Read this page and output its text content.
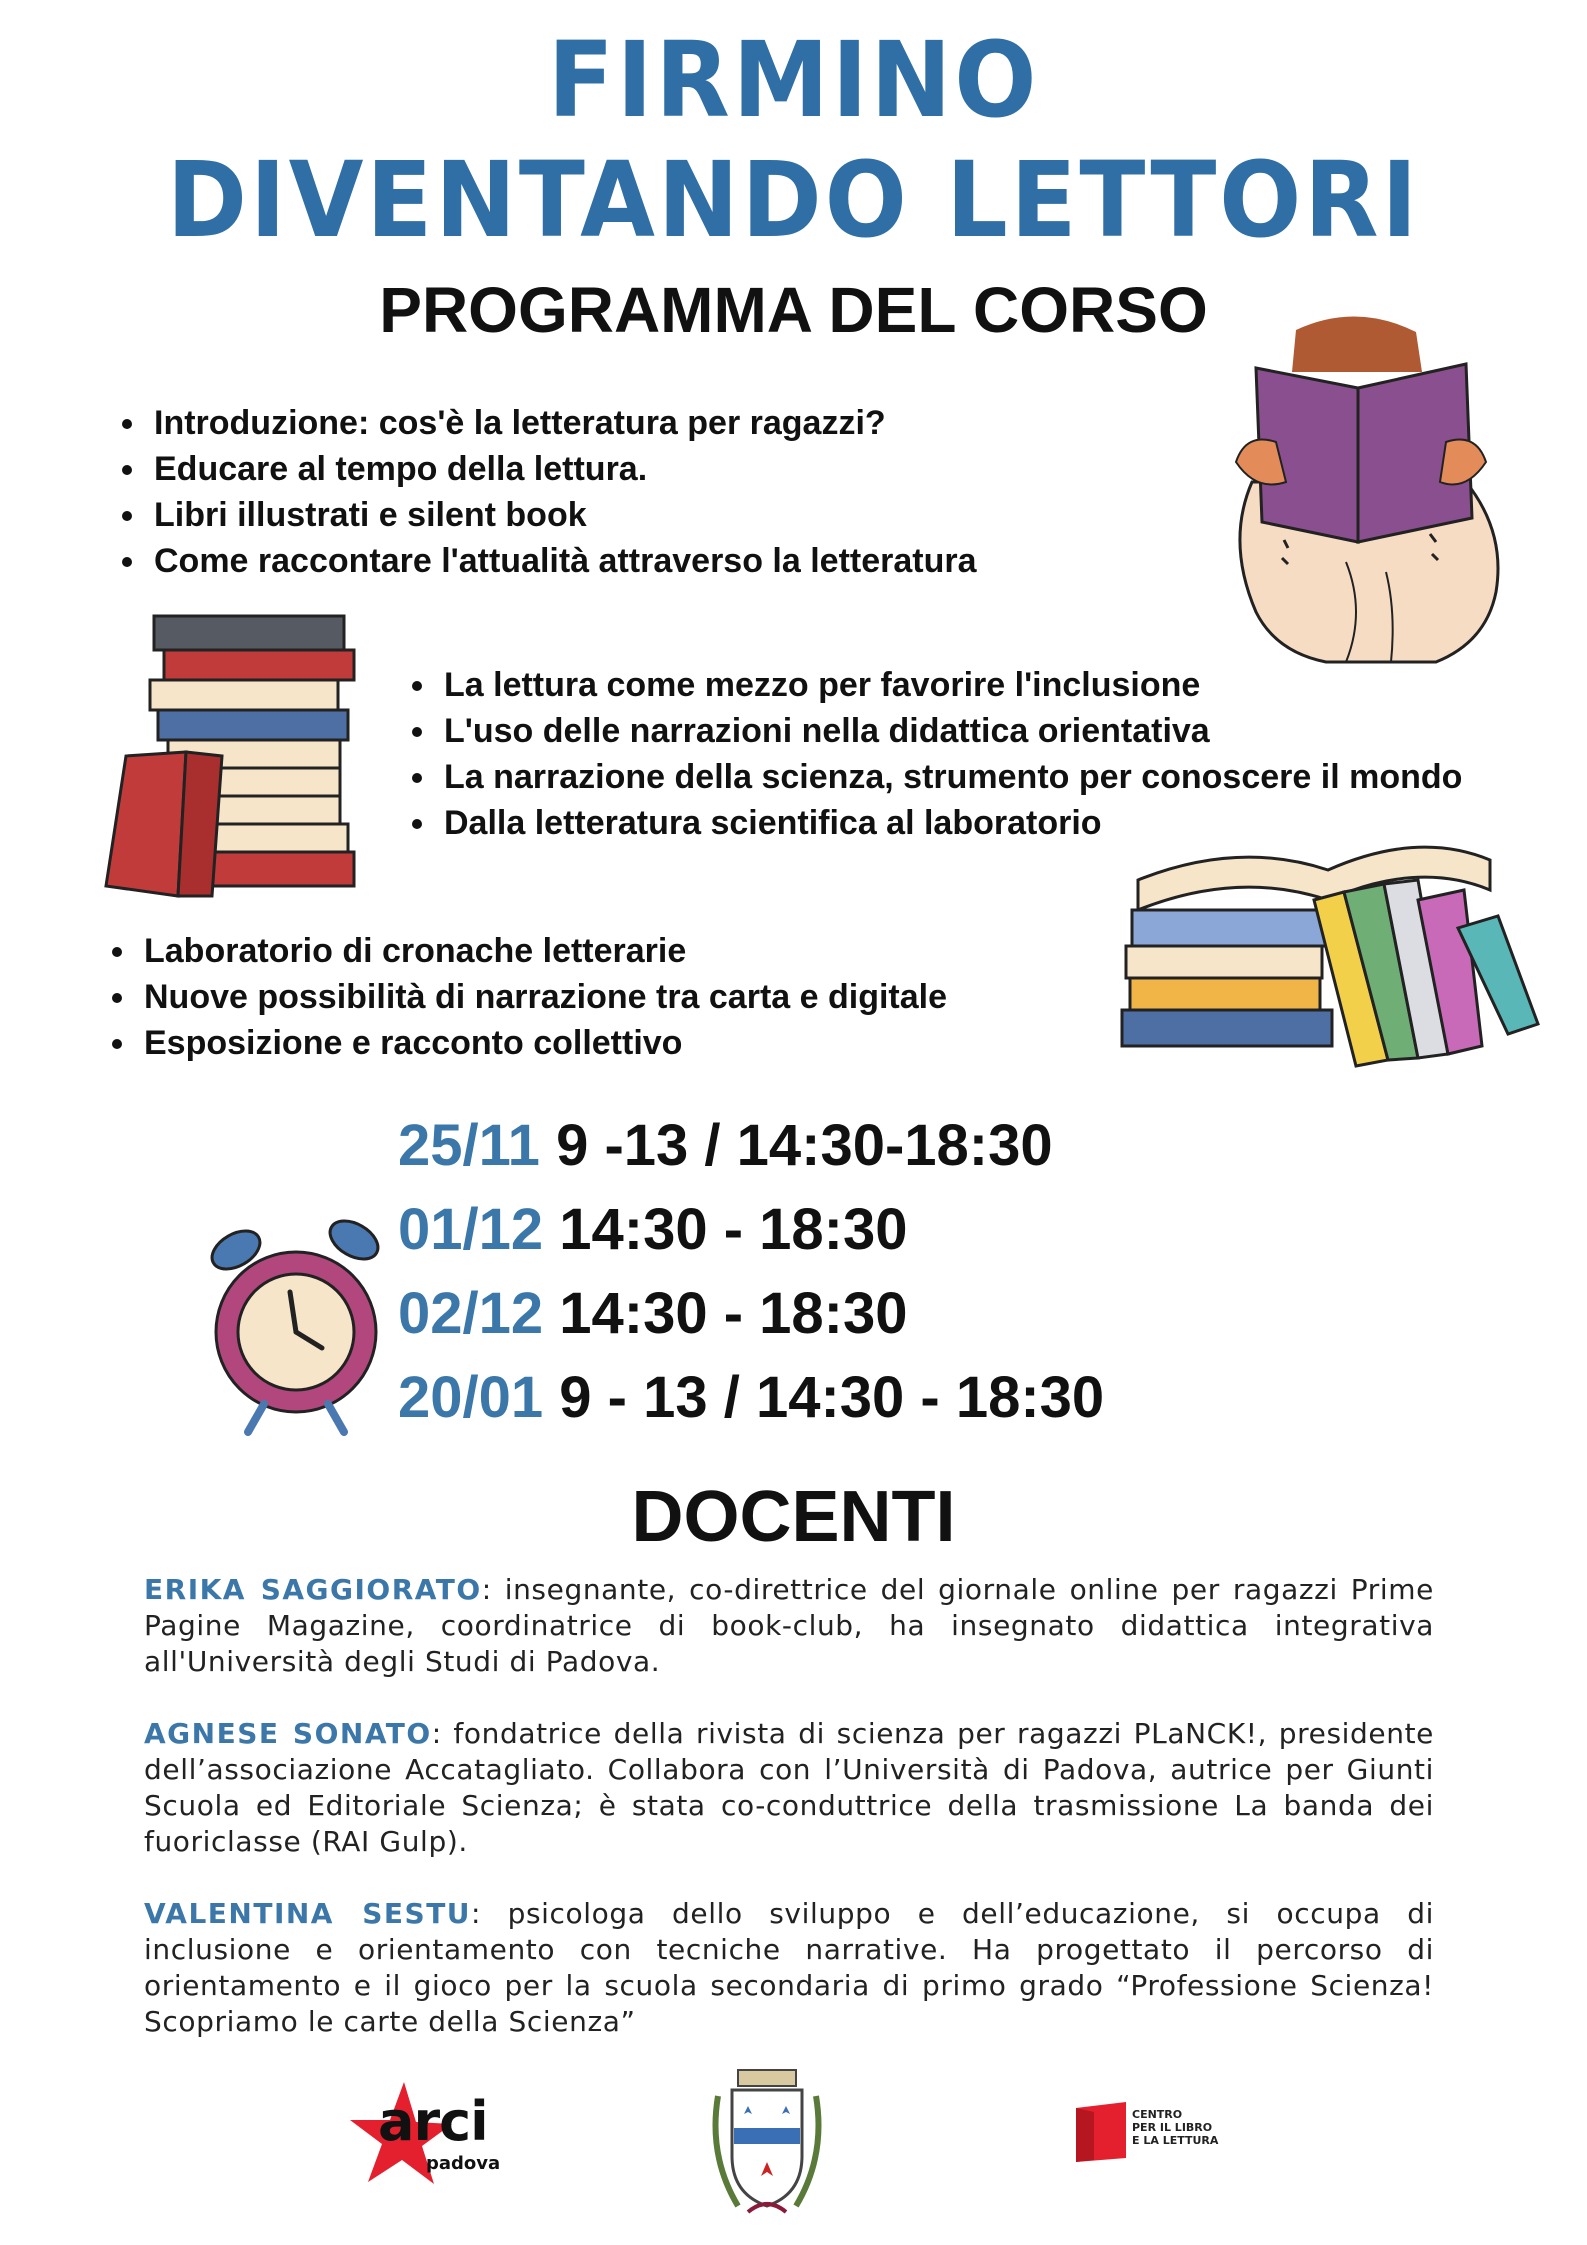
FIRMINO
DIVENTANDO LETTORI
PROGRAMMA DEL CORSO
Introduzione: cos'è la letteratura per ragazzi?
Educare al tempo della lettura.
Libri illustrati e silent book
Come raccontare l'attualità attraverso la letteratura
La lettura come mezzo per favorire l'inclusione
L'uso delle narrazioni nella didattica orientativa
La narrazione della scienza, strumento per conoscere il mondo
Dalla letteratura scientifica al laboratorio
Laboratorio di cronache letterarie
Nuove possibilità di narrazione tra carta e digitale
Esposizione e racconto collettivo
25/11 9 -13 / 14:30-18:30
01/12 14:30 - 18:30
02/12 14:30 - 18:30
20/01 9 - 13 / 14:30 - 18:30
DOCENTI
ERIKA SAGGIORATO: insegnante, co-direttrice del giornale online per ragazzi Prime Pagine Magazine, coordinatrice di book-club, ha insegnato didattica integrativa all'Università degli Studi di Padova.
AGNESE SONATO: fondatrice della rivista di scienza per ragazzi PLaNCK!, presidente dell’associazione Accatagliato. Collabora con l’Università di Padova, autrice per Giunti Scuola ed Editoriale Scienza; è stata co-conduttrice della trasmissione La banda dei fuoriclasse (RAI Gulp).
VALENTINA SESTU: psicologa dello sviluppo e dell’educazione, si occupa di inclusione e orientamento con tecniche narrative. Ha progettato il percorso di orientamento e il gioco per la scuola secondaria di primo grado “Professione Scienza! Scopriamo le carte della Scienza”
arci
padova
CENTRO
PER IL LIBRO
E LA LETTURA
